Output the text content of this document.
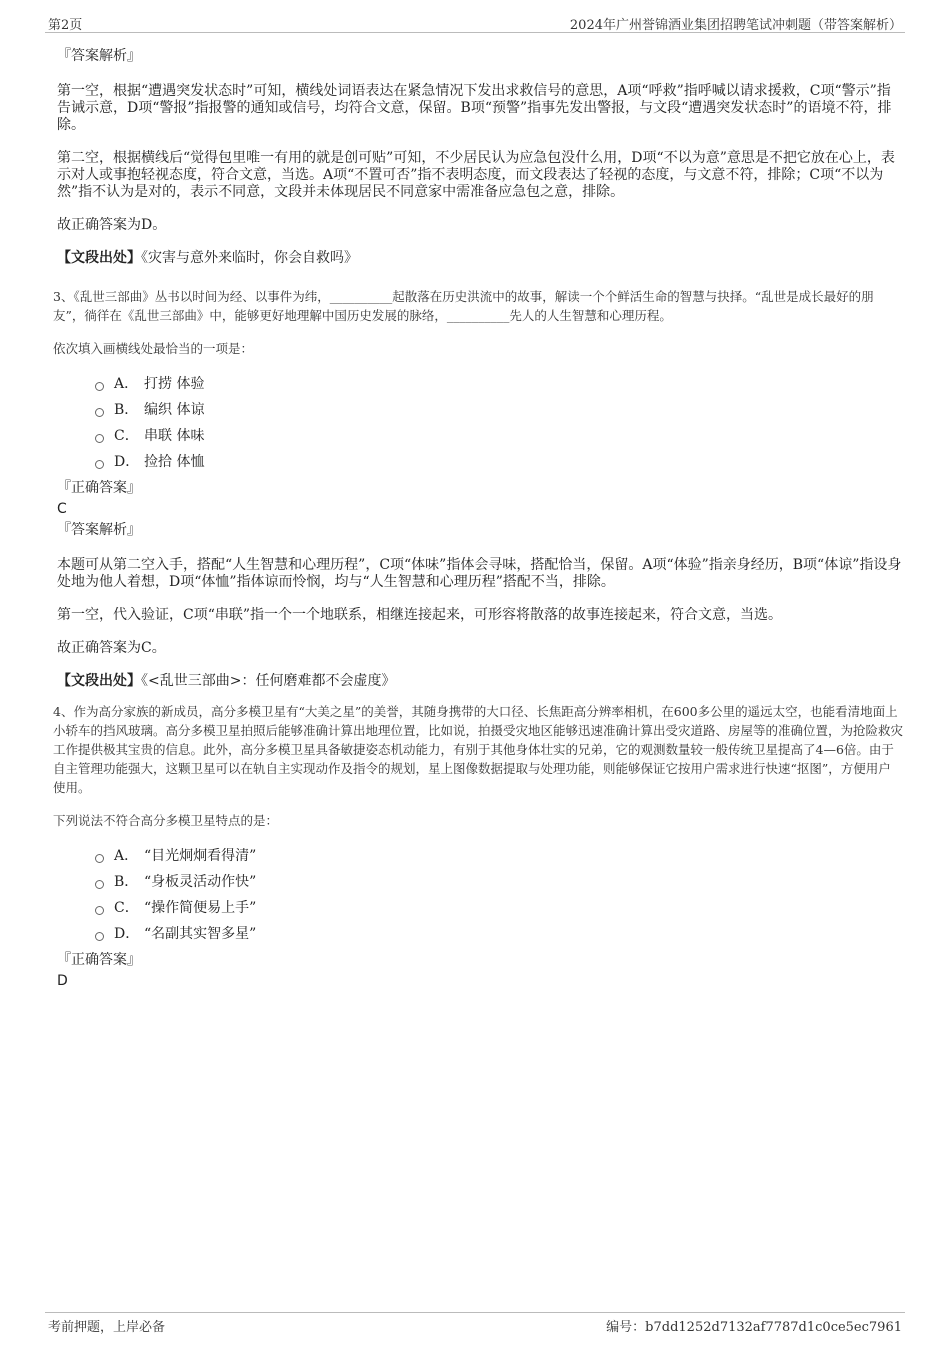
第2页	2024年广州誉锦酒业集团招聘笔试冲刺题（带答案解析）
『答案解析』

第一空，根据“遭遇突发状态时”可知，横线处词语表达在紧急情况下发出求救信号的意思，A项“呼救”指呼喊以请求援救，C项“警示”指告诫示意，D项“警报”指报警的通知或信号，均符合文意，保留。B项“预警”指事先发出警报，与文段“遭遇突发状态时”的语境不符，排除。

第二空，根据横线后“觉得包里唯一有用的就是创可贴”可知，不少居民认为应急包没什么用，D项“不以为意”意思是不把它放在心上，表示对人或事抱轻视态度，符合文意，当选。A项“不置可否”指不表明态度，而文段表达了轻视的态度，与文意不符，排除；C项“不以为然”指不认为是对的，表示不同意，文段并未体现居民不同意家中需准备应急包之意，排除。

故正确答案为D。

【文段出处】《灾害与意外来临时，你会自救吗》

3、《乱世三部曲》丛书以时间为经、以事件为纬，__________起散落在历史洪流中的故事，解读一个个鲜活生命的智慧与抉择。“乱世是成长最好的朋友”，徜徉在《乱世三部曲》中，能够更好地理解中国历史发展的脉络，__________先人的人生智慧和心理历程。

依次填入画横线处最恰当的一项是：

A． 打捞 体验
B． 编织 体谅
C． 串联 体味
D． 捡拾 体恤
『正确答案』
C
『答案解析』

本题可从第二空入手，搭配“人生智慧和心理历程”，C项“体味”指体会寻味，搭配恰当，保留。A项“体验”指亲身经历，B项“体谅”指设身处地为他人着想，D项“体恤”指体谅而怜悯，均与“人生智慧和心理历程”搭配不当，排除。

第一空，代入验证，C项“串联”指一个一个地联系，相继连接起来，可形容将散落的故事连接起来，符合文意，当选。

故正确答案为C。

【文段出处】《<乱世三部曲>：任何磨难都不会虚度》

4、作为高分家族的新成员，高分多模卫星有“大美之星”的美誉，其随身携带的大口径、长焦距高分辨率相机，在600多公里的遥远太空，也能看清地面上小轿车的挡风玻璃。高分多模卫星拍照后能够准确计算出地理位置，比如说，拍摄受灾地区能够迅速准确计算出受灾道路、房屋等的准确位置，为抢险救灾工作提供极其宝贵的信息。此外，高分多模卫星具备敏捷姿态机动能力，有别于其他身体壮实的兄弟，它的观测数量较一般传统卫星提高了4—6倍。由于自主管理功能强大，这颗卫星可以在轨自主实现动作及指令的规划，星上图像数据提取与处理功能，则能够保证它按用户需求进行快速“抠图”，方便用户使用。

下列说法不符合高分多模卫星特点的是：

A． “目光炯炯看得清”
B． “身板灵活动作快”
C． “操作简便易上手”
D． “名副其实智多星”
『正确答案』
D
考前押题，上岸必备	编号：b7dd1252d7132af7787d1c0ce5ec7961
